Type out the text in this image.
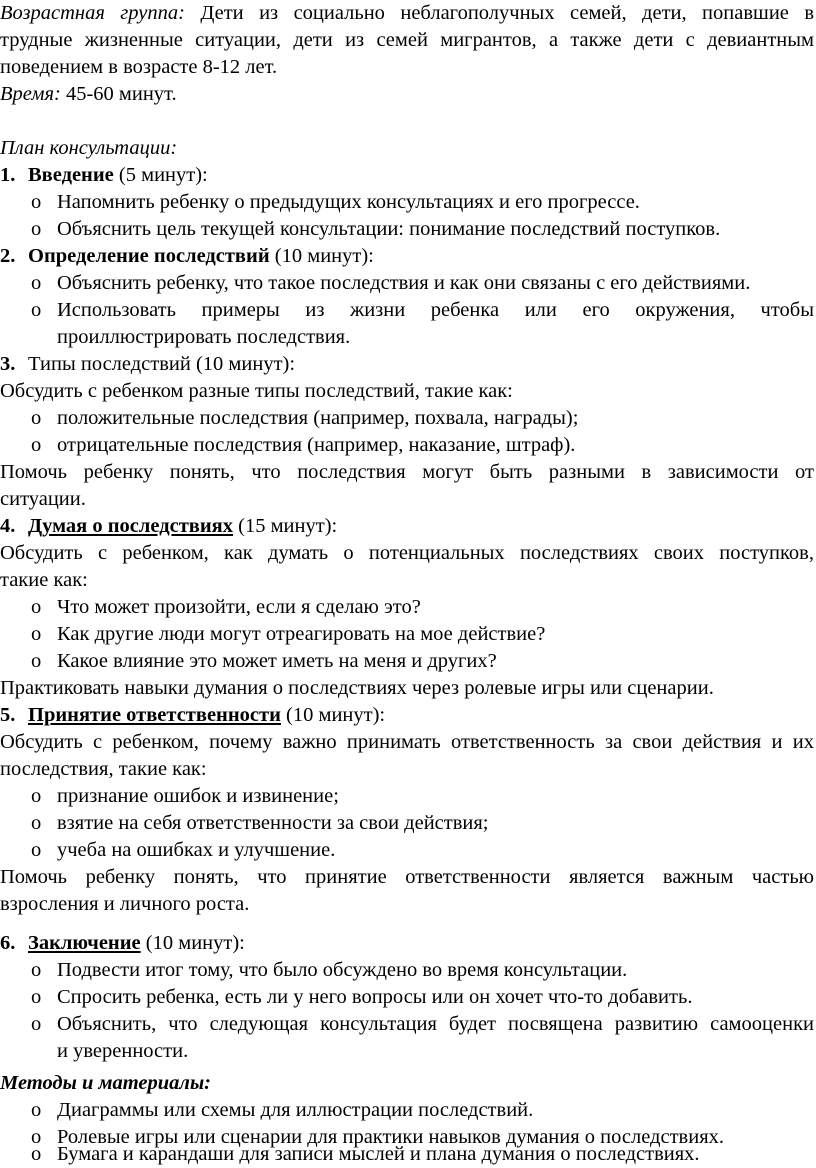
Возрастная группа: Дети из социально неблагополучных семей, дети, попавшие в
трудные жизненные ситуации, дети из семей мигрантов, а также дети с девиантным
поведением в возрасте 8-12 лет.
Время: 45-60 минут.
План консультации:
1. Введение (5 минут):
o Напомнить ребенку о предыдущих консультациях и его прогрессе.
o Объяснить цель текущей консультации: понимание последствий поступков.
2. Определение последствий (10 минут):
o Объяснить ребенку, что такое последствия и как они связаны с его действиями.
o Использовать примеры из жизни ребенка или его окружения, чтобы
проиллюстрировать последствия.
3. Типы последствий (10 минут):
Обсудить с ребенком разные типы последствий, такие как:
o положительные последствия (например, похвала, награды);
o отрицательные последствия (например, наказание, штраф).
Помочь ребенку понять, что последствия могут быть разными в зависимости от
ситуации.
4. Думая о последствиях (15 минут):
Обсудить с ребенком, как думать о потенциальных последствиях своих поступков,
такие как:
o Что может произойти, если я сделаю это?
o Как другие люди могут отреагировать на мое действие?
o Какое влияние это может иметь на меня и других?
Практиковать навыки думания о последствиях через ролевые игры или сценарии.
5. Принятие ответственности (10 минут):
Обсудить с ребенком, почему важно принимать ответственность за свои действия и их
последствия, такие как:
o признание ошибок и извинение;
o взятие на себя ответственности за свои действия;
o учеба на ошибках и улучшение.
Помочь ребенку понять, что принятие ответственности является важным частью
взросления и личного роста.
6. Заключение (10 минут):
o Подвести итог тому, что было обсуждено во время консультации.
o Спросить ребенка, есть ли у него вопросы или он хочет что-то добавить.
o Объяснить, что следующая консультация будет посвящена развитию самооценки
и уверенности.
Методы и материалы:
o Диаграммы или схемы для иллюстрации последствий.
o Ролевые игры или сценарии для практики навыков думания о последствиях.
o Бумага и карандаши для записи мыслей и плана думания о последствиях.
